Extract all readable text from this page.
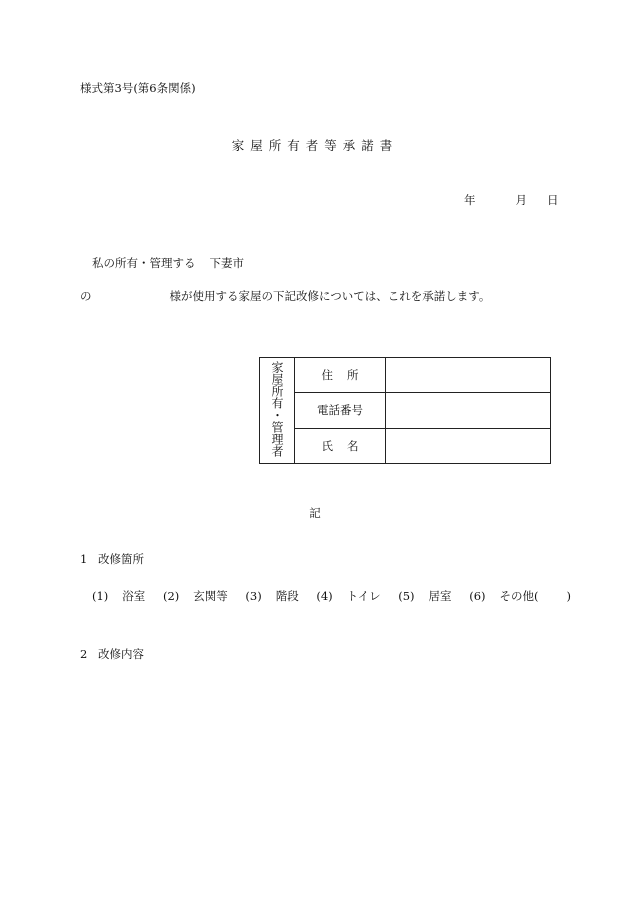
様式第3号(第6条関係)
家屋所有者等承諾書
年	月 日
私の所有・管理する 下妻市
の	様が使用する家屋の下記改修については、これを承諾します。
家屋所有・管理者	住所	
	電話番号	
	氏名	
記
1 改修箇所
(1) 浴室 (2) 玄関等 (3) 階段 (4) トイレ (5) 居室 (6) その他( )
2 改修内容
